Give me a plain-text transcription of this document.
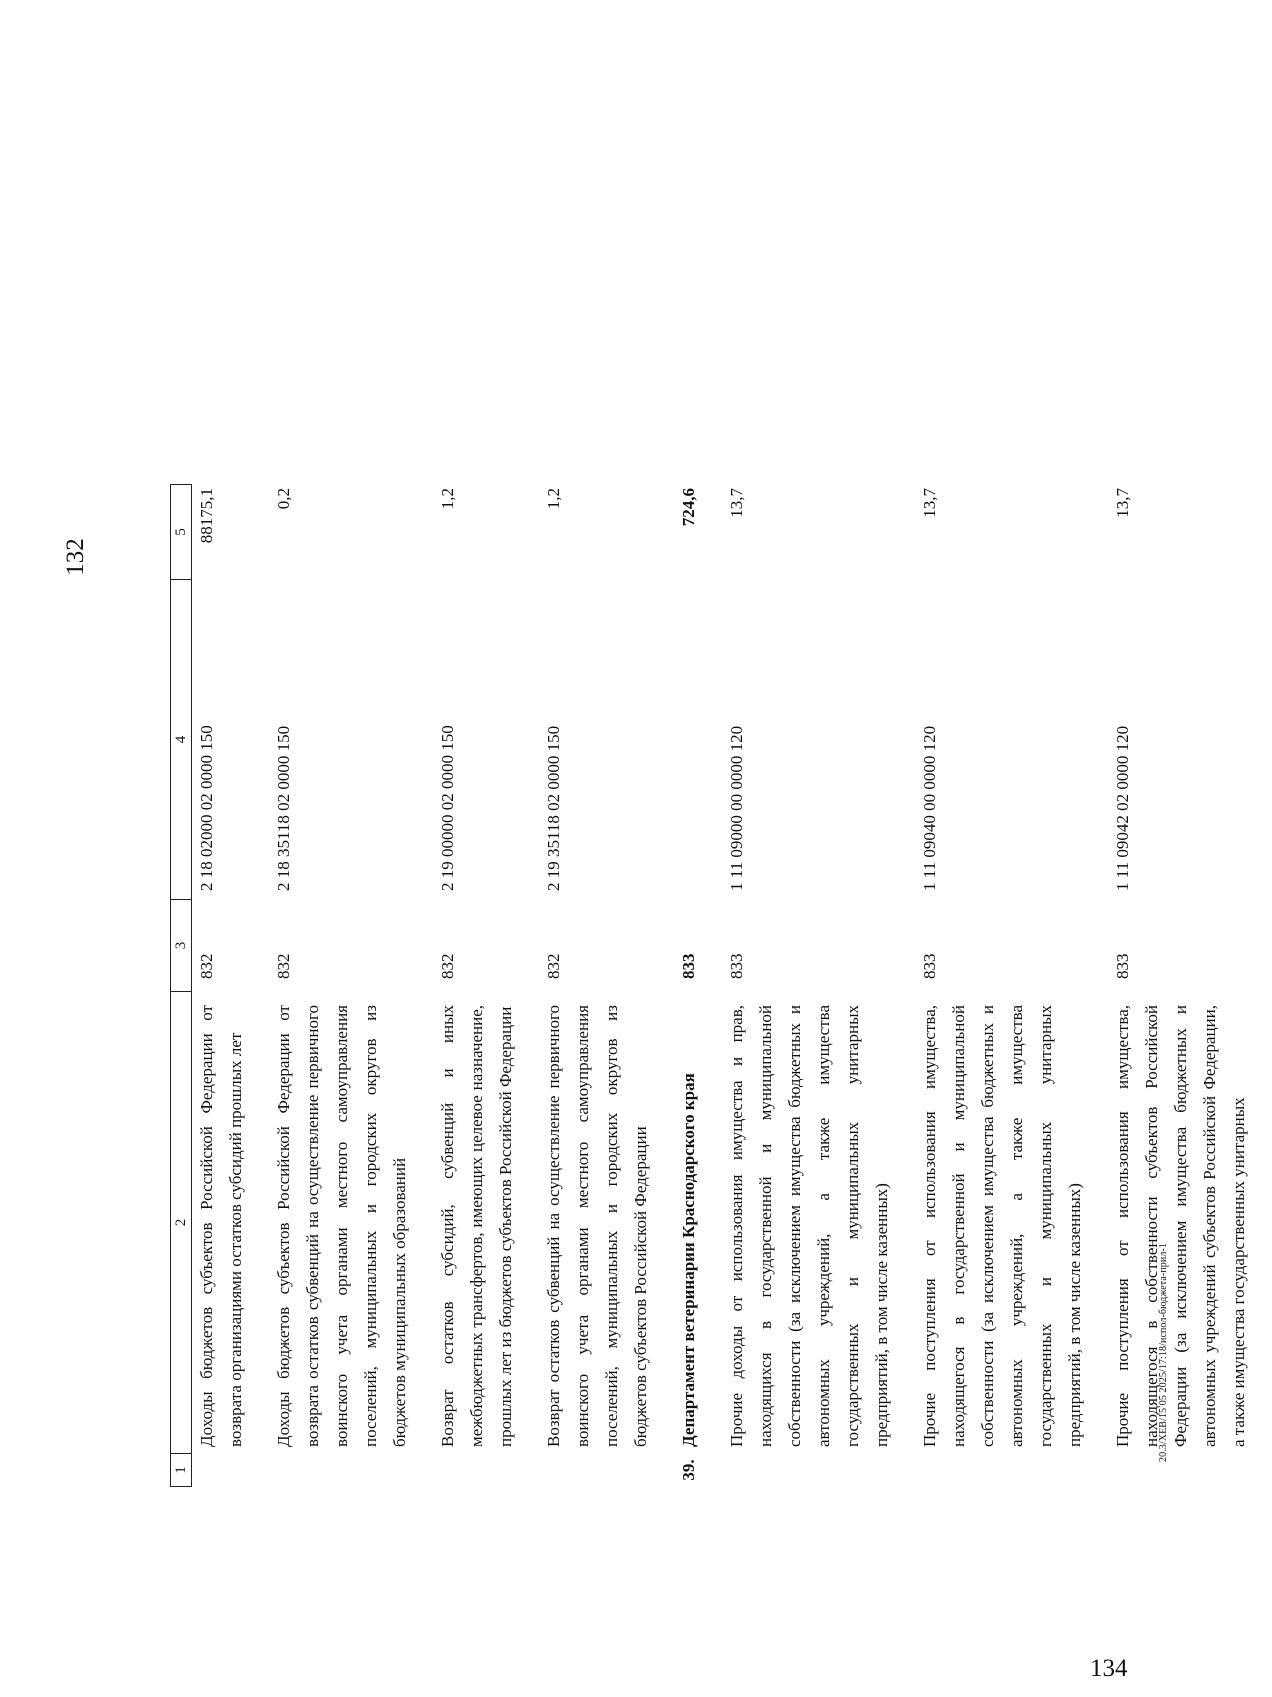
132
1
2
3
4
5
Доходы бюджетов субъектов Российской Федерации от возврата организациями остатков субсидий прошлых лет
832
2 18 02000 02 0000 150
88175,1
Доходы бюджетов субъектов Российской Федерации от возврата остатков субвенций на осуществление первичного воинского учета органами местного самоуправления поселений, муниципальных и городских округов из бюджетов муниципальных образований
832
2 18 35118 02 0000 150
0,2
Возврат остатков субсидий, субвенций и иных межбюджетных трансфертов, имеющих целевое назначение, прошлых лет из бюджетов субъектов Российской Федерации
832
2 19 00000 02 0000 150
1,2
Возврат остатков субвенций на осуществление первичного воинского учета органами местного самоуправления поселений, муниципальных и городских округов из бюджетов субъектов Российской Федерации
832
2 19 35118 02 0000 150
1,2
39.
Департамент ветеринарии Краснодарского края
833
724,6
Прочие доходы от использования имущества и прав, находящихся в государственной и муниципальной собственности (за исключением имущества бюджетных и автономных учреждений, а также имущества государственных и муниципальных унитарных предприятий, в том числе казенных)
833
1 11 09000 00 0000 120
13,7
Прочие поступления от использования имущества, находящегося в государственной и муниципальной собственности (за исключением имущества бюджетных и автономных учреждений, а также имущества государственных и муниципальных унитарных предприятий, в том числе казенных)
833
1 11 09040 00 0000 120
13,7
Прочие поступления от использования имущества, находящегося в собственности субъектов Российской Федерации (за исключением имущества бюджетных и автономных учреждений субъектов Российской Федерации, а также имущества государственных унитарных
833
1 11 09042 02 0000 120
13,7
20.3/XEB/15 05 2025/17:18/испол-бюджета-прил-1
134
